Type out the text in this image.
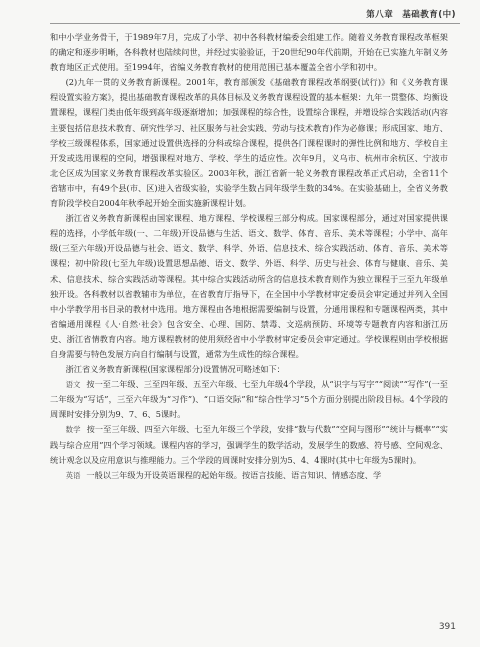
第八章　基础教育(中)

和中小学业务骨干，于1989年7月，完成了小学、初中各科教材编委会组建工作。随着义务教育课程改革框架的确定和逐步明晰，各科教材也陆续问世，并经过实验验证，于20世纪90年代前期，开始在已实施九年制义务教育地区正式使用。至1994年，省编义务教育教材的使用范围已基本覆盖全省小学和初中。

(2)九年一贯的义务教育新课程。2001年，教育部颁发《基础教育课程改革纲要(试行)》和《义务教育课程设置实验方案》，提出基础教育课程改革的具体目标及义务教育课程设置的基本框架：九年一贯整体、均衡设置课程，课程门类由低年级到高年级逐渐增加；加强课程的综合性，设置综合课程，并增设综合实践活动(内容主要包括信息技术教育、研究性学习、社区服务与社会实践、劳动与技术教育)作为必修课；形成国家、地方、学校三级课程体系，国家通过设置供选择的分科或综合课程，提供各门课程课时的弹性比例和地方、学校自主开发或选用课程的空间，增强课程对地方、学校、学生的适应性。次年9月，义乌市、杭州市余杭区、宁波市北仑区成为国家义务教育课程改革实验区。2003年秋，浙江省新一轮义务教育课程改革正式启动，全省11个省辖市中，有49个县(市、区)进入省级实验，实验学生数占同年级学生数的34%。在实验基础上，全省义务教育阶段学校自2004年秋季起开始全面实施新课程计划。

浙江省义务教育新课程由国家课程、地方课程、学校课程三部分构成。国家课程部分，通过对国家提供课程的选择，小学低年级(一、二年级)开设品德与生活、语文、数学、体育、音乐、美术等课程；小学中、高年级(三至六年级)开设品德与社会、语文、数学、科学、外语、信息技术、综合实践活动、体育、音乐、美术等课程；初中阶段(七至九年级)设置思想品德、语文、数学、外语、科学、历史与社会、体育与健康、音乐、美术、信息技术、综合实践活动等课程。其中综合实践活动所含的信息技术教育则作为独立课程于三至九年级单独开设。各科教材以省教辅市为单位，在省教育厅指导下，在全国中小学教材审定委员会审定通过并列入全国中小学教学用书目录的教材中选用。地方课程由各地根据需要编制与设置，分通用课程和专题课程两类，其中省编通用课程《人·自然·社会》包含安全、心理、国防、禁毒、文巡病预防、环境等专题教育内容和浙江历史、浙江省情教育内容。地方课程教材的使用须经省中小学教材审定委员会审定通过。学校课程则由学校根据自身需要与特色发展方向自行编制与设置，通常为生成性的综合课程。

浙江省义务教育新课程(国家课程部分)设置情况可略述如下：

语文 按一至二年级、三至四年级、五至六年级、七至九年级4个学段，从“识字与写字”“阅读”“写作”(一至二年级为“写话”，三至六年级为“习作”)、“口语交际”和“综合性学习”5个方面分别提出阶段目标。4个学段的周课时安排分别为9、7、6、5课时。

数学 按一至三年级、四至六年级、七至九年级三个学段，安排“数与代数”“空间与图形”“统计与概率”“实践与综合应用”四个学习领域。课程内容的学习，强调学生的数学活动，发展学生的数感、符号感、空间观念、统计观念以及应用意识与推理能力。三个学段的周课时安排分别为5、4、4课时(其中七年级为5课时)。

英语 一般以三年级为开设英语课程的起始年级。按语言技能、语言知识、情感态度、学

391
